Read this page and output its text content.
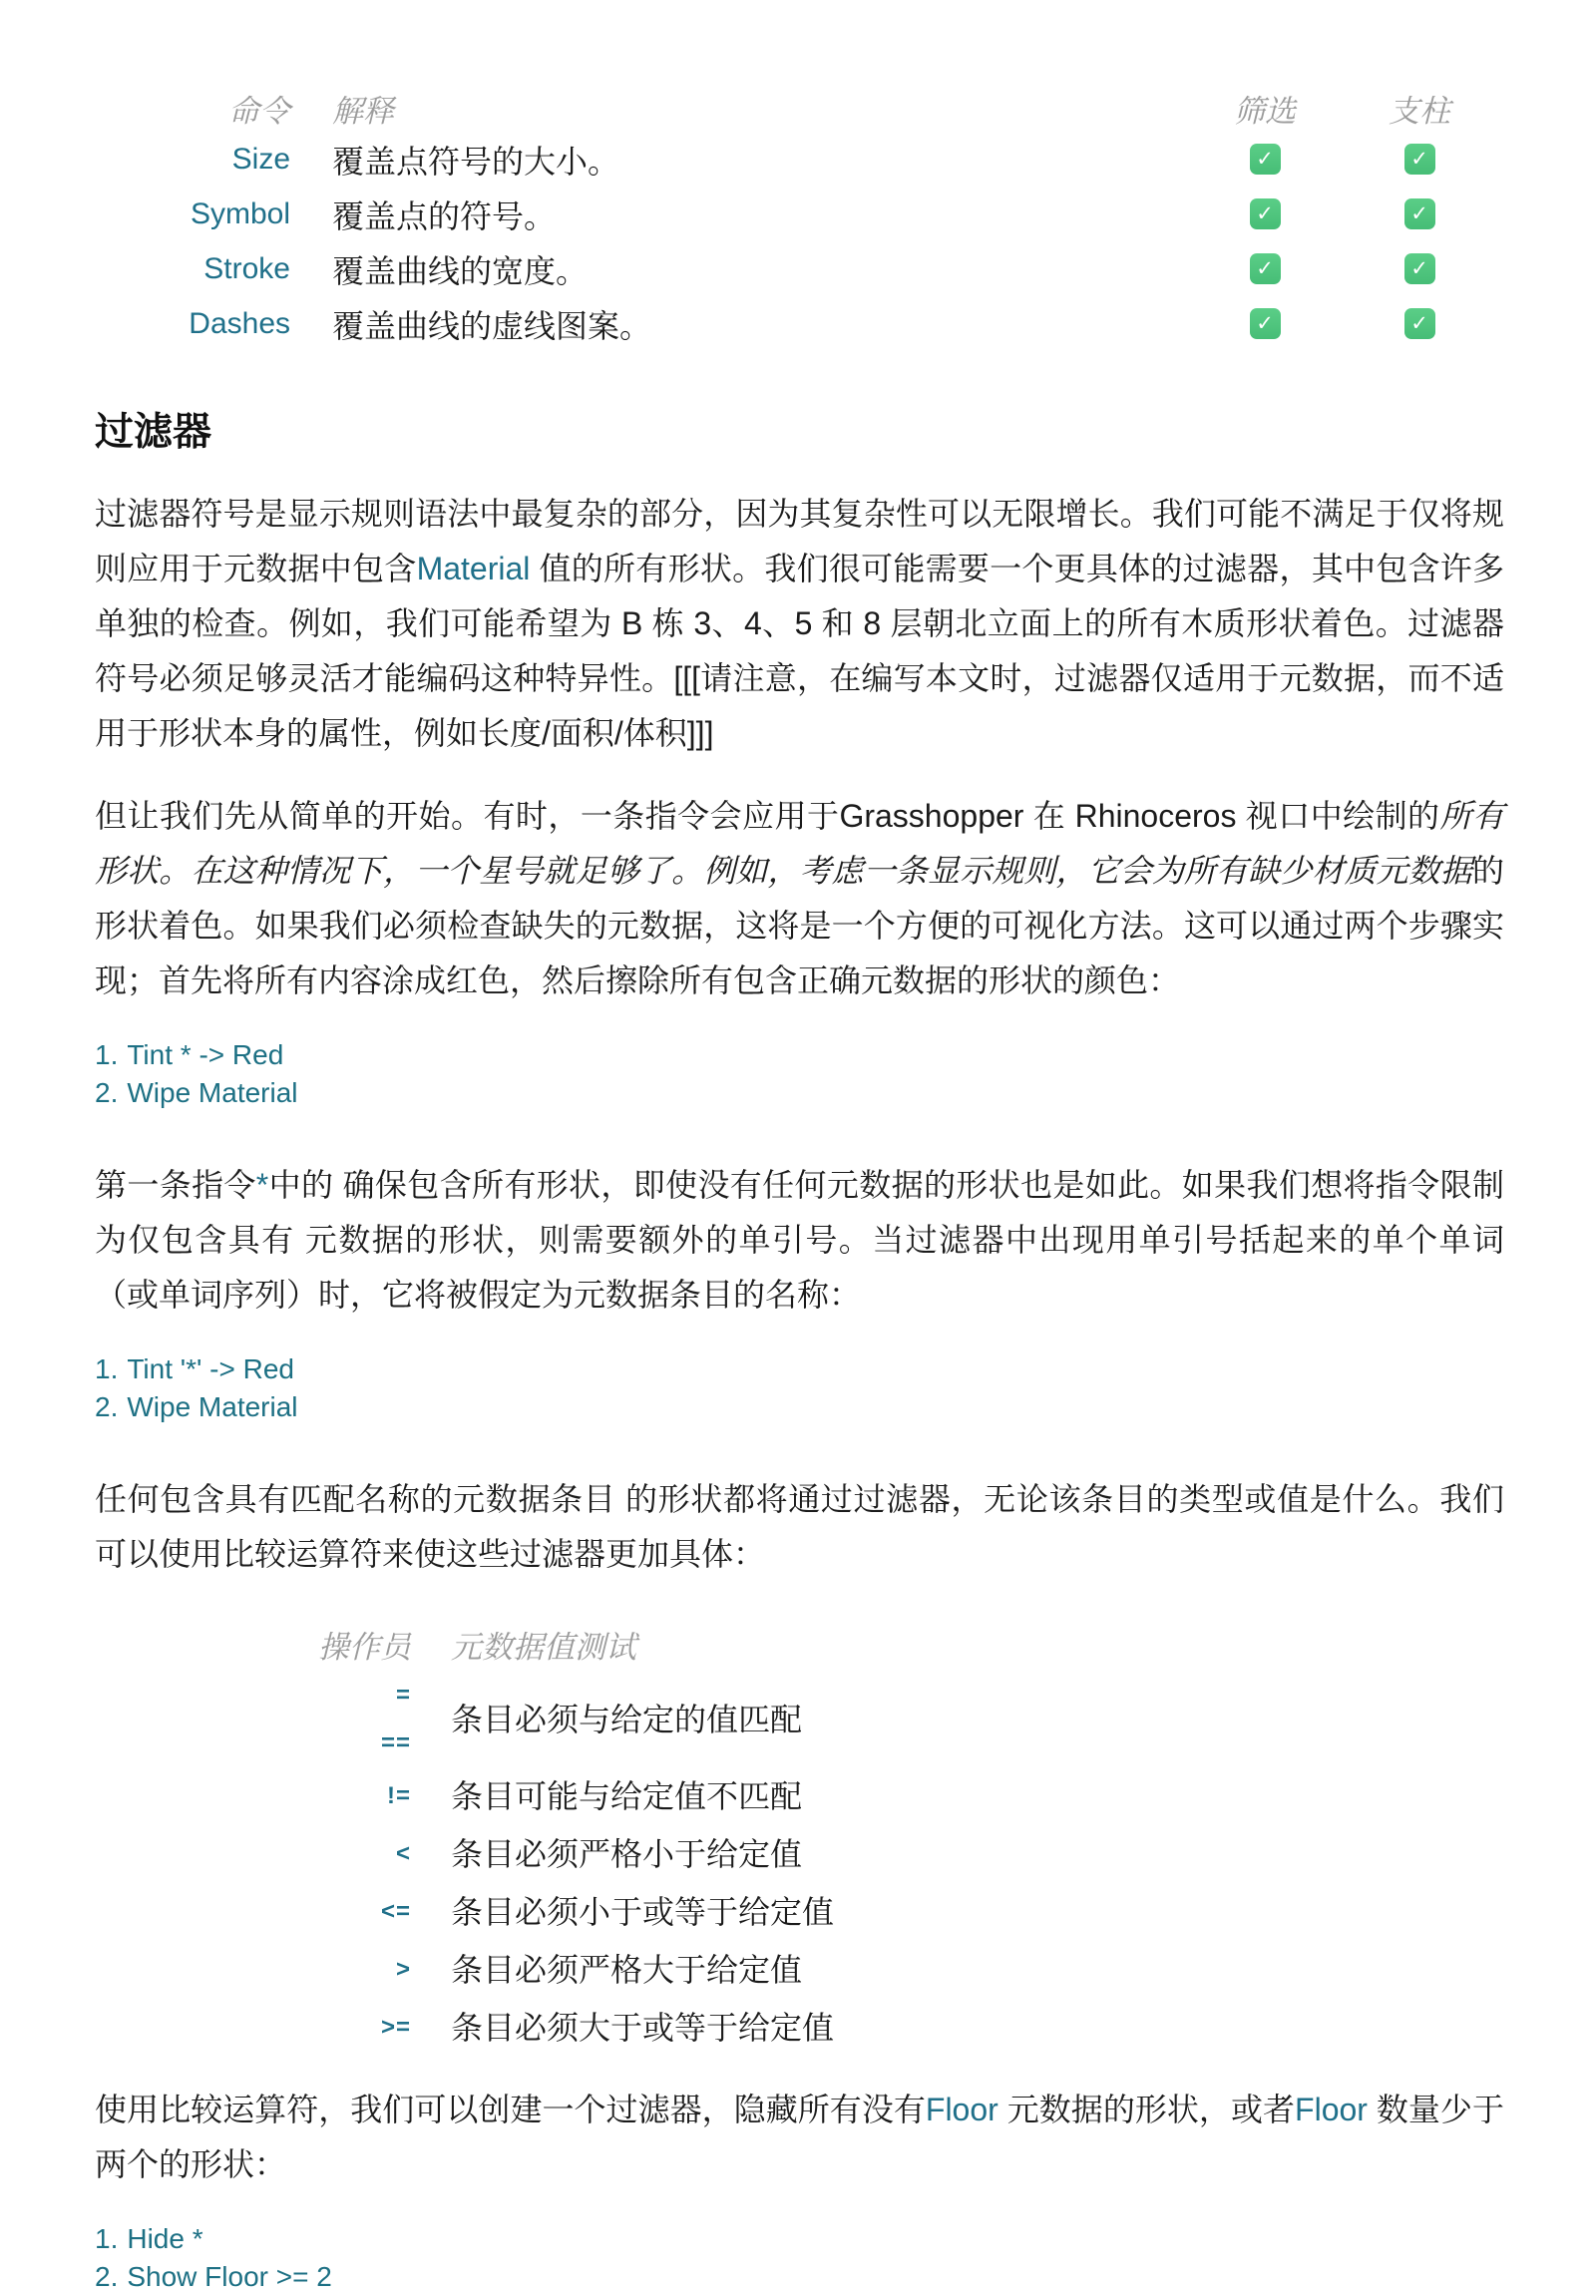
命令	解释	筛选	支柱
Size	覆盖点符号的大小。	✓	✓
Symbol	覆盖点的符号。	✓	✓
Stroke	覆盖曲线的宽度。	✓	✓
Dashes	覆盖曲线的虚线图案。	✓	✓
过滤器

过滤器符号是显示规则语法中最复杂的部分，因为其复杂性可以无限增长。我们可能不满足于仅将规则应用于元数据中包含Material 值的所有形状。我们很可能需要一个更具体的过滤器，其中包含许多单独的检查。例如，我们可能希望为 B 栋 3、4、5 和 8 层朝北立面上的所有木质形状着色。过滤器符号必须足够灵活才能编码这种特异性。[[[请注意，在编写本文时，过滤器仅适用于元数据，而不适用于形状本身的属性，例如长度/面积/体积]]]

但让我们先从简单的开始。有时，一条指令会应用于Grasshopper 在 Rhinoceros 视口中绘制的所有形状。在这种情况下，一个星号就足够了。例如，考虑一条显示规则，它会为所有缺少材质元数据的形状着色。如果我们必须检查缺失的元数据，这将是一个方便的可视化方法。这可以通过两个步骤实现；首先将所有内容涂成红色，然后擦除所有包含正确元数据的形状的颜色：

1. Tint * -> Red
2. Wipe Material

第一条指令*中的 确保包含所有形状，即使没有任何元数据的形状也是如此。如果我们想将指令限制为仅包含具有 元数据的形状，则需要额外的单引号。当过滤器中出现用单引号括起来的单个单词（或单词序列）时，它将被假定为元数据条目的名称：

1. Tint '*' -> Red
2. Wipe Material

任何包含具有匹配名称的元数据条目 的形状都将通过过滤器，无论该条目的类型或值是什么。我们可以使用比较运算符来使这些过滤器更加具体：

操作员 元数据值测试
=
==
条目必须与给定的值匹配
!= 条目可能与给定值不匹配
< 条目必须严格小于给定值
<= 条目必须小于或等于给定值
> 条目必须严格大于给定值
>= 条目必须大于或等于给定值

使用比较运算符，我们可以创建一个过滤器，隐藏所有没有Floor 元数据的形状，或者Floor 数量少于两个的形状：

1. Hide *
2. Show Floor >= 2
